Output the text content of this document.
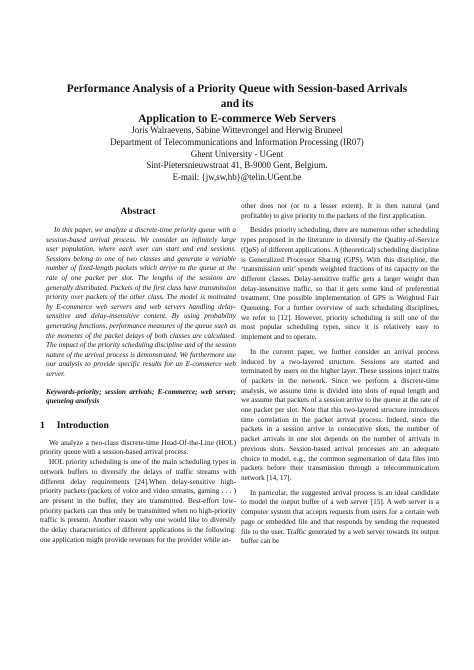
Performance Analysis of a Priority Queue with Session-based Arrivals and its
Application to E-commerce Web Servers
Joris Walraevens, Sabine Wittevrongel and Herwig Bruneel
Department of Telecommunications and Information Processing (IR07)
Ghent University - UGent
Sint-Pietersnieuwstraat 41, B-9000 Gent, Belgium.
E-mail: {jw,sw,hb}@telin.UGent.be
Abstract

In this paper, we analyze a discrete-time priority queue with a session-based arrival process. We consider an infinitely large user population, where each user can start and end sessions. Sessions belong to one of two classes and generate a variable number of fixed-length packets which arrive to the queue at the rate of one packet per slot. The lengths of the sessions are generally distributed. Packets of the first class have transmission priority over packets of the other class. The model is motivated by E-commerce web servers and web servers handling delay-sensitive and delay-insensitive content. By using probability generating functions, performance measures of the queue such as the moments of the packet delays of both classes are calculated. The impact of the priority scheduling discipline and of the session nature of the arrival process is demonstrated. We furthermore use our analysis to provide specific results for an E-commerce web server.

Keywords-priority; session arrivals; E-commerce; web server; queueing analysis

1 Introduction

We analyze a two-class discrete-time Head-Of-the-Line (HOL) priority queue with a session-based arrival process.

HOL priority scheduling is one of the main scheduling types in network buffers to diversify the delays of traffic streams with different delay requirements [24].When delay-sensitive high-priority packets (packets of voice and video streams, gaming . . . ) are present in the buffer, they are transmitted. Best-effort low-priority packets can thus only be transmitted when no high-priority traffic is present. Another reason why one would like to diversify the delay characteristics of different applications is the following: one application might provide revenues for the provider while an-

other does not (or to a lesser extent). It is then natural (and profitable) to give priority to the packets of the first application.

Besides priority scheduling, there are numerous other scheduling types proposed in the literature to diversify the Quality-of-Service (QoS) of different applications. A (theoretical) scheduling discipline is Generalized Processor Sharing (GPS). With this discipline, the ‘transmission unit’ spends weighted fractions of its capacity on the different classes. Delay-sensitive traffic gets a larger weight than delay-insensitive traffic, so that it gets some kind of preferential treatment. One possible implementation of GPS is Weighted Fair Queueing. For a further overview of such scheduling disciplines, we refer to [12]. However, priority scheduling is still one of the most popular scheduling types, since it is relatively easy to implement and to operate.

In the current paper, we further consider an arrival process induced by a two-layered structure. Sessions are started and terminated by users on the higher layer. These sessions inject trains of packets in the network. Since we perform a discrete-time analysis, we assume time is divided into slots of equal length and we assume that packets of a session arrive to the queue at the rate of one packet per slot. Note that this two-layered structure introduces time correlation in the packet arrival process. Indeed, since the packets in a session arrive in consecutive slots, the number of packet arrivals in one slot depends on the number of arrivals in previous slots. Session-based arrival processes are an adequate choice to model, e.g., the common segmentation of data files into packets before their transmission through a telecommunication network [14, 17].

In particular, the suggested arrival process is an ideal candidate to model the output buffer of a web server [15]. A web server is a computer system that accepts requests from users for a certain web page or embedded file and that responds by sending the requested file to the user. Traffic generated by a web server towards its output buffer can be
